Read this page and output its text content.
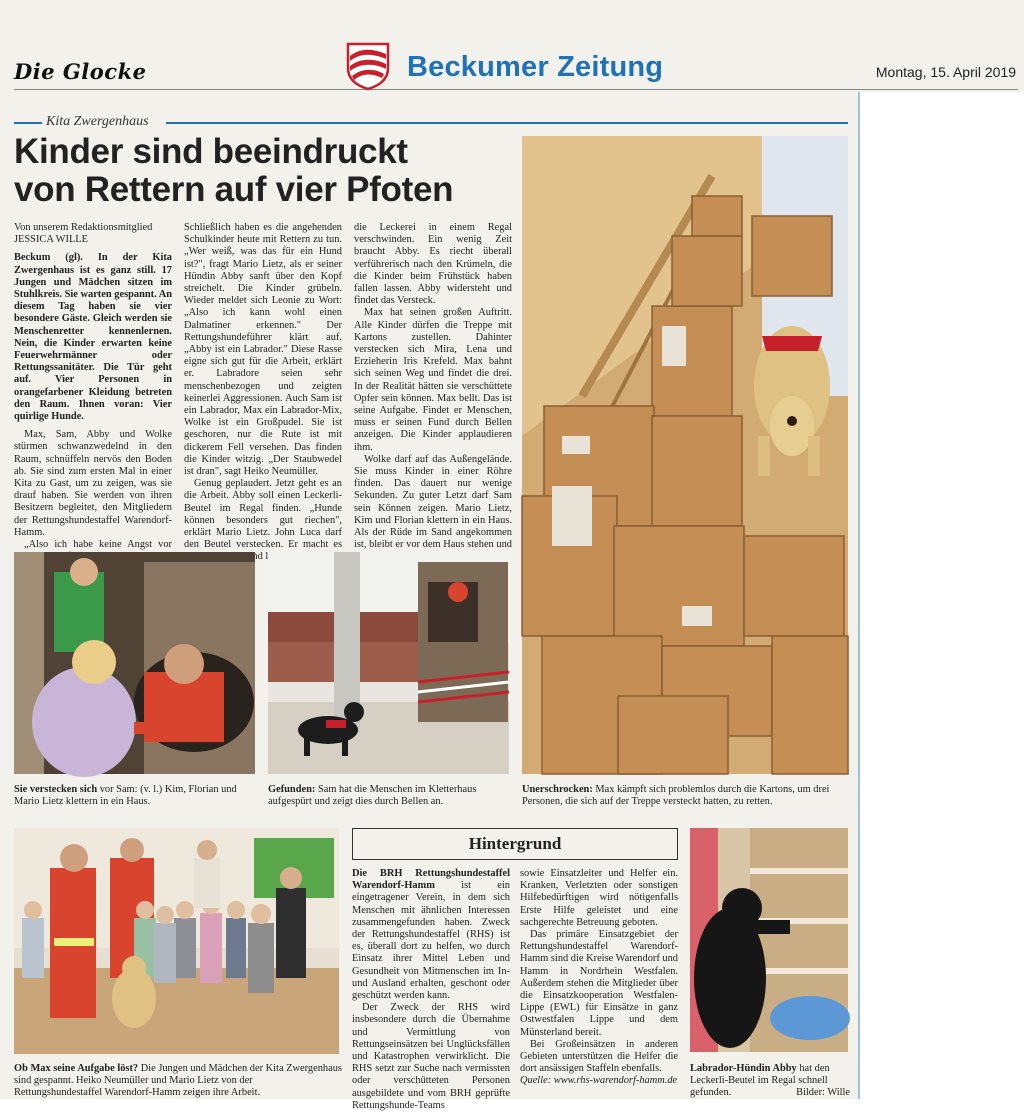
Die Glocke	Beckumer Zeitung	Montag, 15. April 2019
Kita Zwergenhaus
Kinder sind beeindruckt
von Rettern auf vier Pfoten
Von unserem Redaktionsmitglied
JESSICA WILLE
Beckum (gl). In der Kita Zwergenhaus ist es ganz still. 17 Jungen und Mädchen sitzen im Stuhlkreis. Sie warten gespannt. An diesem Tag haben sie vier besondere Gäste. Gleich werden sie Menschenretter kennenlernen. Nein, die Kinder erwarten keine Feuerwehrmänner oder Rettungssanitäter. Die Tür geht auf. Vier Personen in orangefarbener Kleidung betreten den Raum. Ihnen voran: Vier quirlige Hunde.

Max, Sam, Abby und Wolke stürmen schwanzwedelnd in den Raum, schnüffeln nervös den Boden ab. Sie sind zum ersten Mal in einer Kita zu Gast, um zu zeigen, was sie drauf haben. Sie werden von ihren Besitzern begleitet, den Mitgliedern der Rettungshundestaffel Warendorf-Hamm.

„Also ich habe keine Angst vor

Schließlich haben es die angehenden Schulkinder heute mit Rettern zu tun. „Wer weiß, was das für ein Hund ist?", fragt Mario Lietz, als er seiner Hündin Abby sanft über den Kopf streichelt. Die Kinder grübeln. Wieder meldet sich Leonie zu Wort: „Also ich kann wohl einen Dalmatiner erkennen." Der Rettungshundeführer klärt auf. „Abby ist ein Labrador." Diese Rasse eigne sich gut für die Arbeit, erklärt er. Labradore seien sehr menschenbezogen und zeigten keinerlei Aggressionen. Auch Sam ist ein Labrador, Max ein Labrador-Mix, Wolke ist ein Großpudel. Sie ist geschoren, nur die Rute ist mit dickerem Fell versehen. Das finden die Kinder witzig. „Der Staubwedel ist dran", sagt Heiko Neumüller.

Genug geplaudert. Jetzt geht es an die Arbeit. Abby soll einen Leckerli-Beutel im Regal finden. „Hunde können besonders gut riechen", erklärt Mario Lietz. John Luca darf den Beutel verstecken. Er macht es

die Leckerei in einem Regal verschwinden. Ein wenig Zeit braucht Abby. Es riecht überall verführerisch nach den Krümeln, die die Kinder beim Frühstück haben fallen lassen. Abby widersteht und findet das Versteck.

Max hat seinen großen Auftritt. Alle Kinder dürfen die Treppe mit Kartons zustellen. Dahinter verstecken sich Mira, Lena und Erzieherin Iris Krefeld. Max bahnt sich seinen Weg und findet die drei. In der Realität hätten sie verschüttete Opfer sein können. Max bellt. Das ist seine Aufgabe. Findet er Menschen, muss er seinen Fund durch Bellen anzeigen. Die Kinder applaudieren ihm.

Wolke darf auf das Außengelände. Sie muss Kinder in einer Röhre finden. Das dauert nur wenige Sekunden. Zu guter Letzt darf Sam sein Können zeigen. Mario Lietz, Kim und Florian klettern in ein Haus. Als der Rüde im Sand angekommen ist, bleibt er vor dem Haus stehen und

Sie verstecken sich vor Sam: (v. l.) Kim, Florian und Mario Lietz klettern in ein Haus.
Gefunden: Sam hat die Menschen im Kletterhaus aufgespürt und zeigt dies durch Bellen an.
Unerschrocken: Max kämpft sich problemlos durch die Kartons, um drei Personen, die sich auf der Treppe versteckt hatten, zu retten.
Ob Max seine Aufgabe löst? Die Jungen und Mädchen der Kita Zwergenhaus sind gespannt. Heiko Neumüller und Mario Lietz von der Rettungshundestaffel Warendorf-Hamm zeigen ihre Arbeit.
Hintergrund

Die BRH Rettungshundestaffel Warendorf-Hamm ist ein eingetragener Verein, in dem sich Menschen mit ähnlichen Interessen zusammengefunden haben. Zweck der Rettungshundestaffel (RHS) ist es, überall dort zu helfen, wo durch Einsatz ihrer Mittel Leben und Gesundheit von Mitmenschen im In- und Ausland erhalten, geschont oder geschützt werden kann.

Der Zweck der RHS wird insbesondere durch die Übernahme und Vermittlung von Rettungseinsätzen bei Unglücksfällen und Katastrophen verwirklicht. Die RHS setzt zur Suche nach vermissten oder verschütteten Personen ausgebildete und vom BRH geprüfte Rettungshunde-Teams

sowie Einsatzleiter und Helfer ein. Kranken, Verletzten oder sonstigen Hilfebedürftigen wird nötigenfalls Erste Hilfe geleistet und eine sachgerechte Betreuung geboten.

Das primäre Einsatzgebiet der Rettungshundestaffel Warendorf-Hamm sind die Kreise Warendorf und Hamm in Nordrhein Westfalen. Außerdem stehen die Mitglieder über die Einsatzkooperation Westfalen-Lippe (EWL) für Einsätze in ganz Ostwestfalen Lippe und dem Münsterland bereit.

Bei Großeinsätzen in anderen Gebieten unterstützen die Helfer die dort ansässigen Staffeln ebenfalls.

Quelle: www.rhs-warendorf-hamm.de

Labrador-Hündin Abby hat den Leckerli-Beutel im Regal schnell gefunden.	Bilder: Wille
